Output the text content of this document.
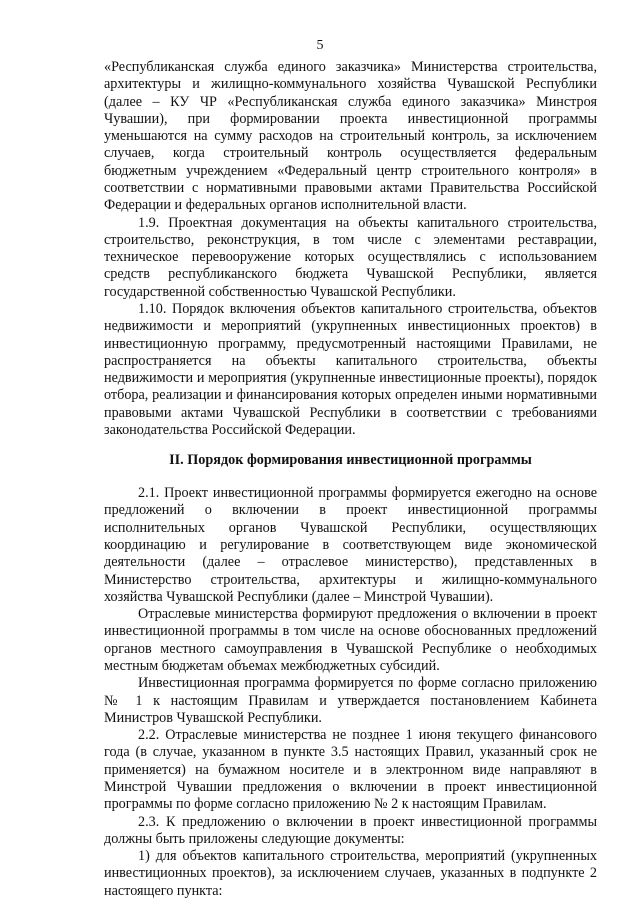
5

«Республиканская служба единого заказчика» Министерства строительства, архитектуры и жилищно-коммунального хозяйства Чувашской Республики (далее – КУ ЧР «Республиканская служба единого заказчика» Минстроя Чувашии), при формировании проекта инвестиционной программы уменьшаются на сумму расходов на строительный контроль, за исключением случаев, когда строительный контроль осуществляется федеральным бюджетным учреждением «Федеральный центр строительного контроля» в соответствии с нормативными правовыми актами Правительства Российской Федерации и федеральных органов исполнительной власти.

1.9. Проектная документация на объекты капитального строительства, строительство, реконструкция, в том числе с элементами реставрации, техническое перевооружение которых осуществлялись с использованием средств республиканского бюджета Чувашской Республики, является государственной собственностью Чувашской Республики.

1.10. Порядок включения объектов капитального строительства, объектов недвижимости и мероприятий (укрупненных инвестиционных проектов) в инвестиционную программу, предусмотренный настоящими Правилами, не распространяется на объекты капитального строительства, объекты недвижимости и мероприятия (укрупненные инвестиционные проекты), порядок отбора, реализации и финансирования которых определен иными нормативными правовыми актами Чувашской Республики в соответствии с требованиями законодательства Российской Федерации.

II. Порядок формирования инвестиционной программы

2.1. Проект инвестиционной программы формируется ежегодно на основе предложений о включении в проект инвестиционной программы исполнительных органов Чувашской Республики, осуществляющих координацию и регулирование в соответствующем виде экономической деятельности (далее – отраслевое министерство), представленных в Министерство строительства, архитектуры и жилищно-коммунального хозяйства Чувашской Республики (далее – Минстрой Чувашии).

Отраслевые министерства формируют предложения о включении в проект инвестиционной программы в том числе на основе обоснованных предложений органов местного самоуправления в Чувашской Республике о необходимых местным бюджетам объемах межбюджетных субсидий.

Инвестиционная программа формируется по форме согласно приложению № 1 к настоящим Правилам и утверждается постановлением Кабинета Министров Чувашской Республики.

2.2. Отраслевые министерства не позднее 1 июня текущего финансового года (в случае, указанном в пункте 3.5 настоящих Правил, указанный срок не применяется) на бумажном носителе и в электронном виде направляют в Минстрой Чувашии предложения о включении в проект инвестиционной программы по форме согласно приложению № 2 к настоящим Правилам.

2.3. К предложению о включении в проект инвестиционной программы должны быть приложены следующие документы:

1) для объектов капитального строительства, мероприятий (укрупненных инвестиционных проектов), за исключением случаев, указанных в подпункте 2 настоящего пункта:
